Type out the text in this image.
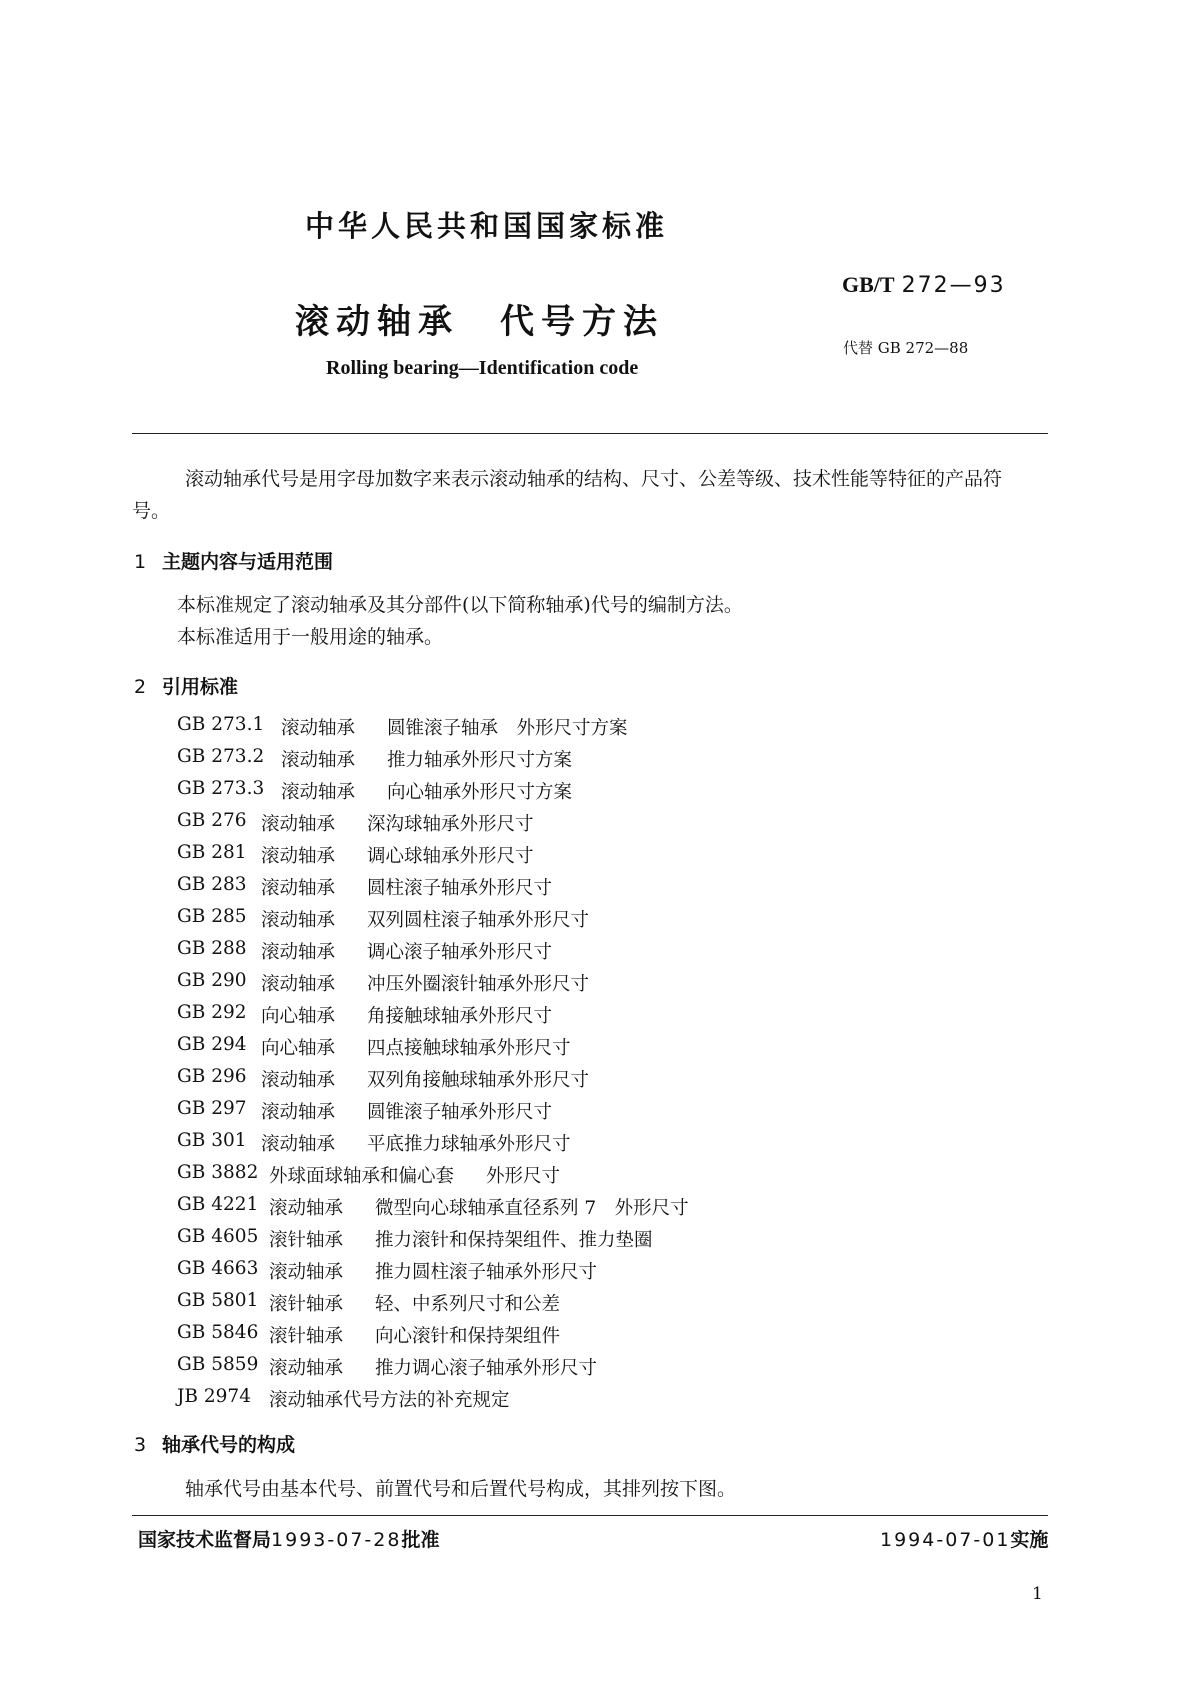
中华人民共和国国家标准
GB/T 272—93
滚动轴承　代号方法
代替 GB 272—88
Rolling bearing—Identification code
滚动轴承代号是用字母加数字来表示滚动轴承的结构、尺寸、公差等级、技术性能等特征的产品符
号。
1 主题内容与适用范围
本标准规定了滚动轴承及其分部件(以下简称轴承)代号的编制方法。
本标准适用于一般用途的轴承。
2 引用标准
GB 273.1 滚动轴承 圆锥滚子轴承　外形尺寸方案
GB 273.2 滚动轴承 推力轴承外形尺寸方案
GB 273.3 滚动轴承 向心轴承外形尺寸方案
GB 276 滚动轴承 深沟球轴承外形尺寸
GB 281 滚动轴承 调心球轴承外形尺寸
GB 283 滚动轴承 圆柱滚子轴承外形尺寸
GB 285 滚动轴承 双列圆柱滚子轴承外形尺寸
GB 288 滚动轴承 调心滚子轴承外形尺寸
GB 290 滚动轴承 冲压外圈滚针轴承外形尺寸
GB 292 向心轴承 角接触球轴承外形尺寸
GB 294 向心轴承 四点接触球轴承外形尺寸
GB 296 滚动轴承 双列角接触球轴承外形尺寸
GB 297 滚动轴承 圆锥滚子轴承外形尺寸
GB 301 滚动轴承 平底推力球轴承外形尺寸
GB 3882 外球面球轴承和偏心套 外形尺寸
GB 4221 滚动轴承 微型向心球轴承直径系列 7　外形尺寸
GB 4605 滚针轴承 推力滚针和保持架组件、推力垫圈
GB 4663 滚动轴承 推力圆柱滚子轴承外形尺寸
GB 5801 滚针轴承 轻、中系列尺寸和公差
GB 5846 滚针轴承 向心滚针和保持架组件
GB 5859 滚动轴承 推力调心滚子轴承外形尺寸
JB 2974 滚动轴承代号方法的补充规定
3 轴承代号的构成
轴承代号由基本代号、前置代号和后置代号构成，其排列按下图。
国家技术监督局1993-07-28批准	1994-07-01实施
1
